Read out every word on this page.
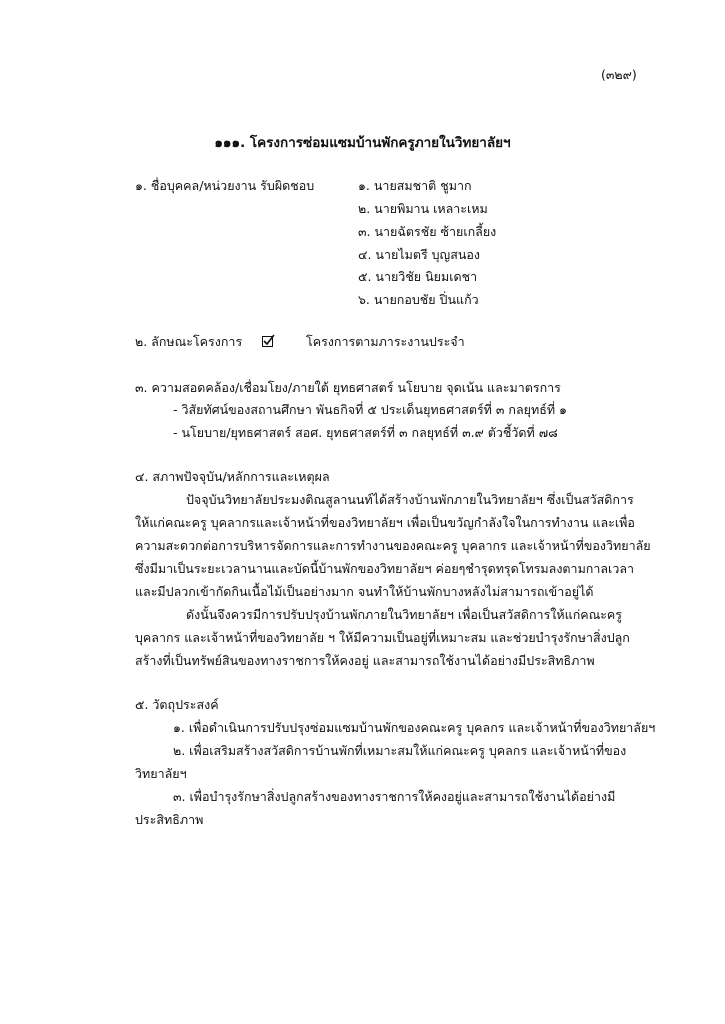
(๓๒๙)
๑๑๑. โครงการซ่อมแซมบ้านพักครูภายในวิทยาลัยฯ
๑. ชื่อบุคคล/หน่วยงาน รับผิดชอบ	๑. นายสมชาติ ชูมาก
๒. นายพิมาน เหลาะเหม
๓. นายฉัตรชัย ซ้ายเกลี้ยง
๔. นายไมตรี บุญสนอง
๕. นายวิชัย นิยมเดชา
๖. นายกอบชัย ปิ่นแก้ว
๒. ลักษณะโครงการ	โครงการตามภาระงานประจำ
๓. ความสอดคล้อง/เชื่อมโยง/ภายใต้ ยุทธศาสตร์ นโยบาย จุดเน้น และมาตรการ
- วิสัยทัศน์ของสถานศึกษา พันธกิจที่ ๕ ประเด็นยุทธศาสตร์ที่ ๓ กลยุทธ์ที่ ๑
- นโยบาย/ยุทธศาสตร์ สอศ. ยุทธศาสตร์ที่ ๓ กลยุทธ์ที่ ๓.๙ ตัวชี้วัดที่ ๗๘
๔. สภาพปัจจุบัน/หลักการและเหตุผล
ปัจจุบันวิทยาลัยประมงติณสูลานนท์ได้สร้างบ้านพักภายในวิทยาลัยฯ ซึ่งเป็นสวัสดิการ
ให้แก่คณะครู บุคลากรและเจ้าหน้าที่ของวิทยาลัยฯ เพื่อเป็นขวัญกำลังใจในการทำงาน และเพื่อ
ความสะดวกต่อการบริหารจัดการและการทำงานของคณะครู บุคลากร และเจ้าหน้าที่ของวิทยาลัย
ซึ่งมีมาเป็นระยะเวลานานและบัดนี้บ้านพักของวิทยาลัยฯ ค่อยๆชำรุดทรุดโทรมลงตามกาลเวลา
และมีปลวกเข้ากัดกินเนื้อไม้เป็นอย่างมาก จนทำให้บ้านพักบางหลังไม่สามารถเข้าอยู่ได้
ดังนั้นจึงควรมีการปรับปรุงบ้านพักภายในวิทยาลัยฯ เพื่อเป็นสวัสดิการให้แก่คณะครู
บุคลากร และเจ้าหน้าที่ของวิทยาลัย ฯ ให้มีความเป็นอยู่ที่เหมาะสม และช่วยบำรุงรักษาสิ่งปลูก
สร้างที่เป็นทรัพย์สินของทางราชการให้คงอยู่ และสามารถใช้งานได้อย่างมีประสิทธิภาพ
๕. วัตถุประสงค์
๑. เพื่อดำเนินการปรับปรุงซ่อมแซมบ้านพักของคณะครู บุคลกร และเจ้าหน้าที่ของวิทยาลัยฯ
๒. เพื่อเสริมสร้างสวัสดิการบ้านพักที่เหมาะสมให้แก่คณะครู บุคลกร และเจ้าหน้าที่ของ
วิทยาลัยฯ
๓. เพื่อบำรุงรักษาสิ่งปลูกสร้างของทางราชการให้คงอยู่และสามารถใช้งานได้อย่างมี
ประสิทธิภาพ
